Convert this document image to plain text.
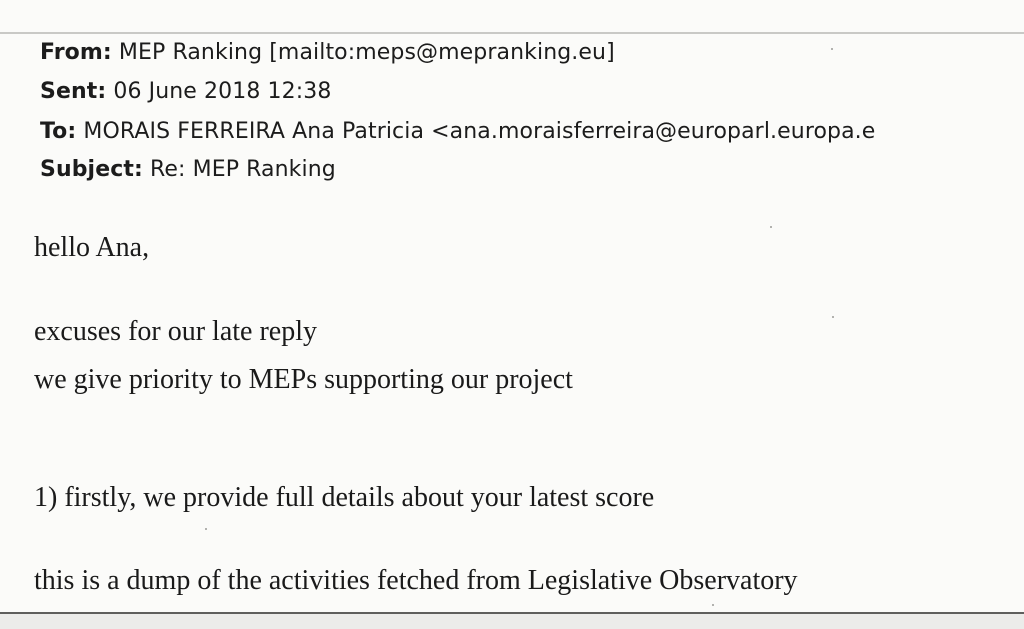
From: MEP Ranking [mailto:meps@mepranking.eu]
Sent: 06 June 2018 12:38
To: MORAIS FERREIRA Ana Patricia <ana.moraisferreira@europarl.europa.e
Subject: Re: MEP Ranking
hello Ana,
excuses for our late reply
we give priority to MEPs supporting our project
1) firstly, we provide full details about your latest score
this is a dump of the activities fetched from Legislative Observatory
